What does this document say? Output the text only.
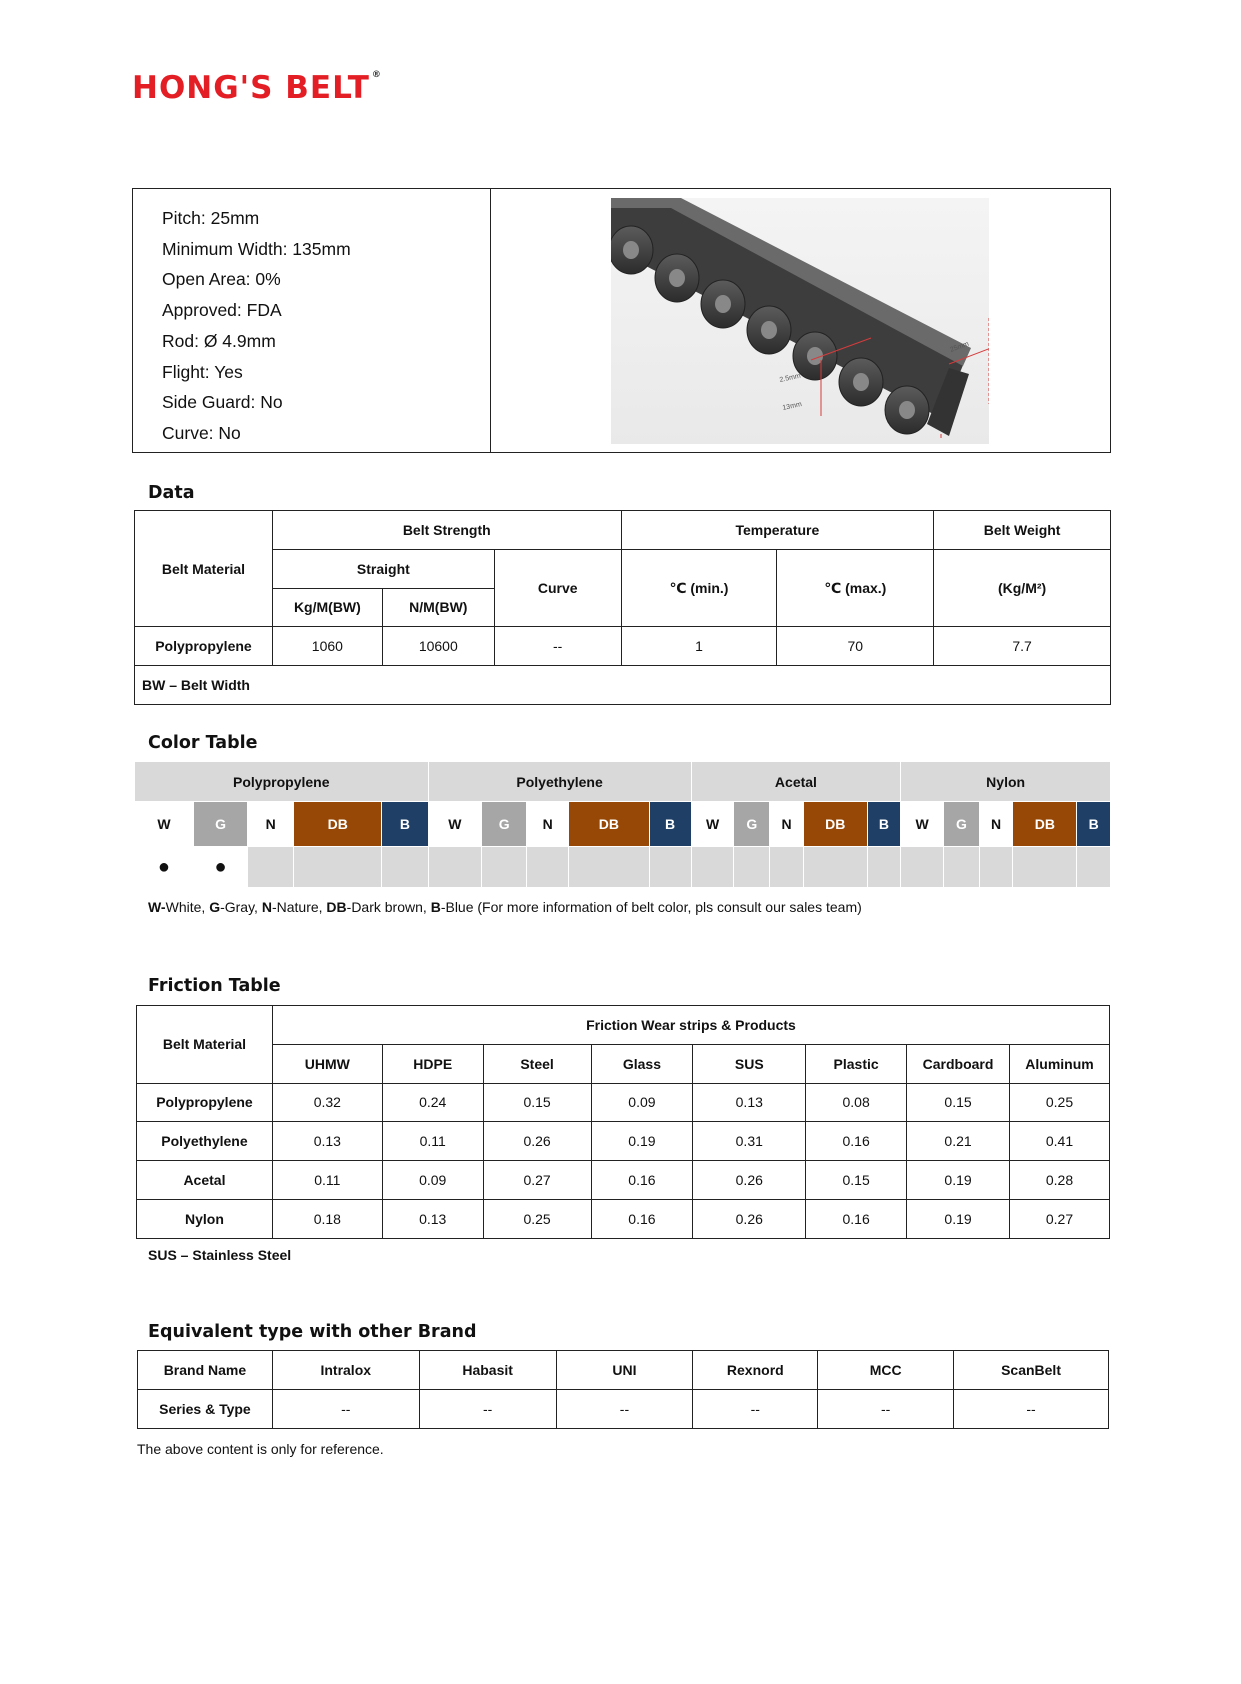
HONG'S BELT ®
Pitch: 25mm
Minimum Width: 135mm
Open Area: 0%
Approved: FDA
Rod: Ø 4.9mm
Flight: Yes
Side Guard: No
Curve: No
2.5mm
13mm
25mm
Data
Belt Material	Belt Strength			Temperature		Belt Weight
	Straight		Curve	℃ (min.)	℃ (max.)	(Kg/M²)
	Kg/M(BW)	N/M(BW)				
Polypropylene	1060	10600	--	1	70	7.7
BW – Belt Width						
Color Table
Polypropylene					Polyethylene					Acetal					Nylon				
W	G	N	DB	B	W	G	N	DB	B	W	G	N	DB	B	W	G	N	DB	B
●	●																		
W-White, G-Gray, N-Nature, DB-Dark brown, B-Blue (For more information of belt color, pls consult our sales team)
Friction Table
Belt Material	Friction Wear strips & Products							
	UHMW	HDPE	Steel	Glass	SUS	Plastic	Cardboard	Aluminum
Polypropylene	0.32	0.24	0.15	0.09	0.13	0.08	0.15	0.25
Polyethylene	0.13	0.11	0.26	0.19	0.31	0.16	0.21	0.41
Acetal	0.11	0.09	0.27	0.16	0.26	0.15	0.19	0.28
Nylon	0.18	0.13	0.25	0.16	0.26	0.16	0.19	0.27
SUS – Stainless Steel
Equivalent type with other Brand
Brand Name	Intralox	Habasit	UNI	Rexnord	MCC	ScanBelt
Series & Type	--	--	--	--	--	--
The above content is only for reference.
